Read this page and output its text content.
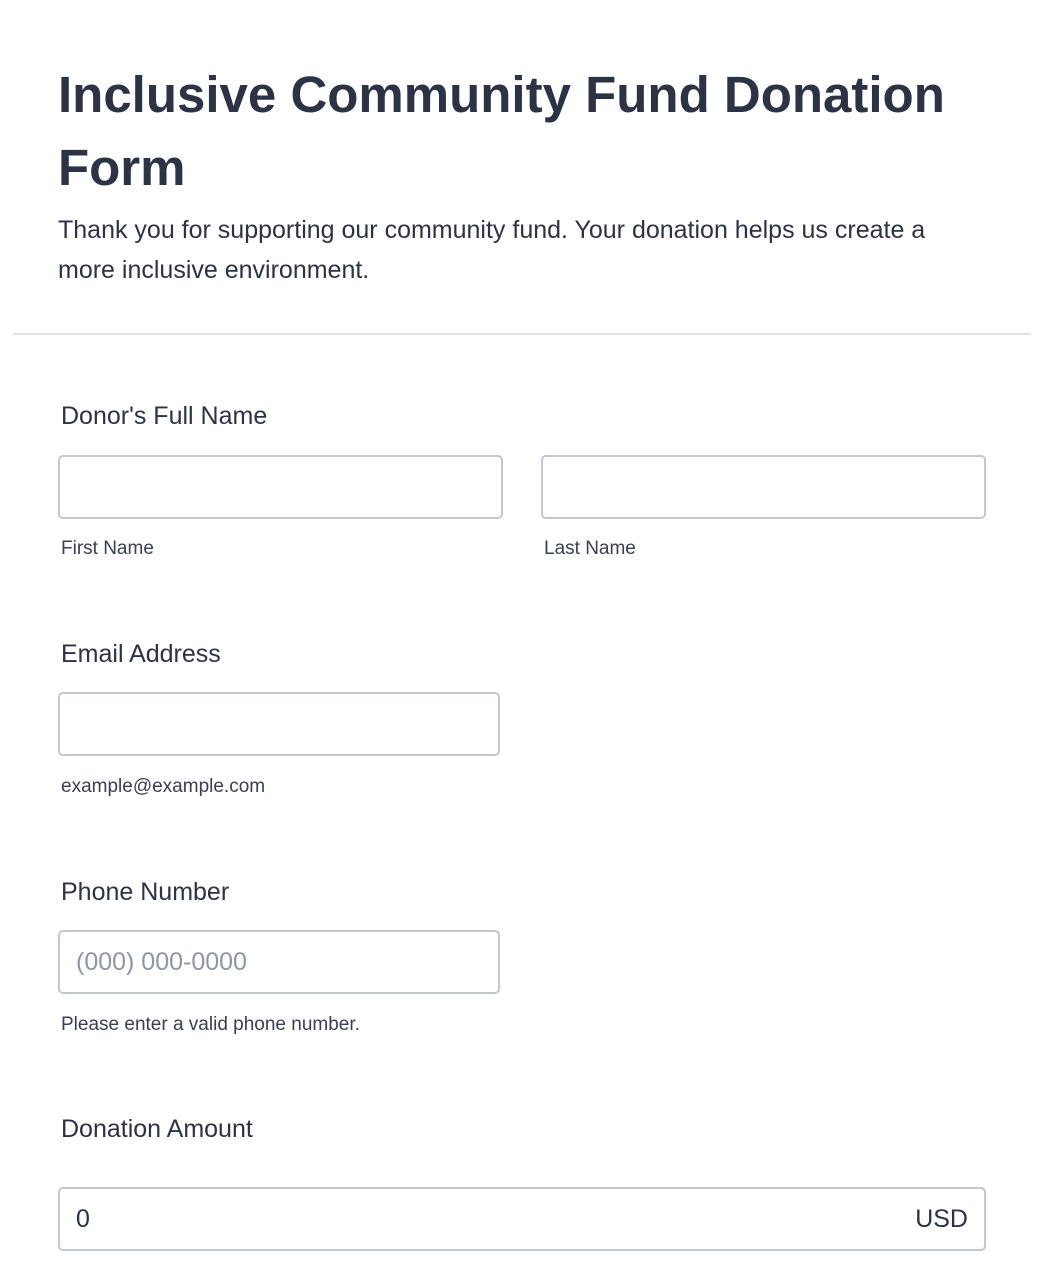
Inclusive Community Fund Donation Form

Thank you for supporting our community fund. Your donation helps us create a more inclusive environment.

Donor's Full Name
First Name	Last Name
Email Address
example@example.com
Phone Number
(000) 000-0000
Please enter a valid phone number.
Donation Amount
0	USD
